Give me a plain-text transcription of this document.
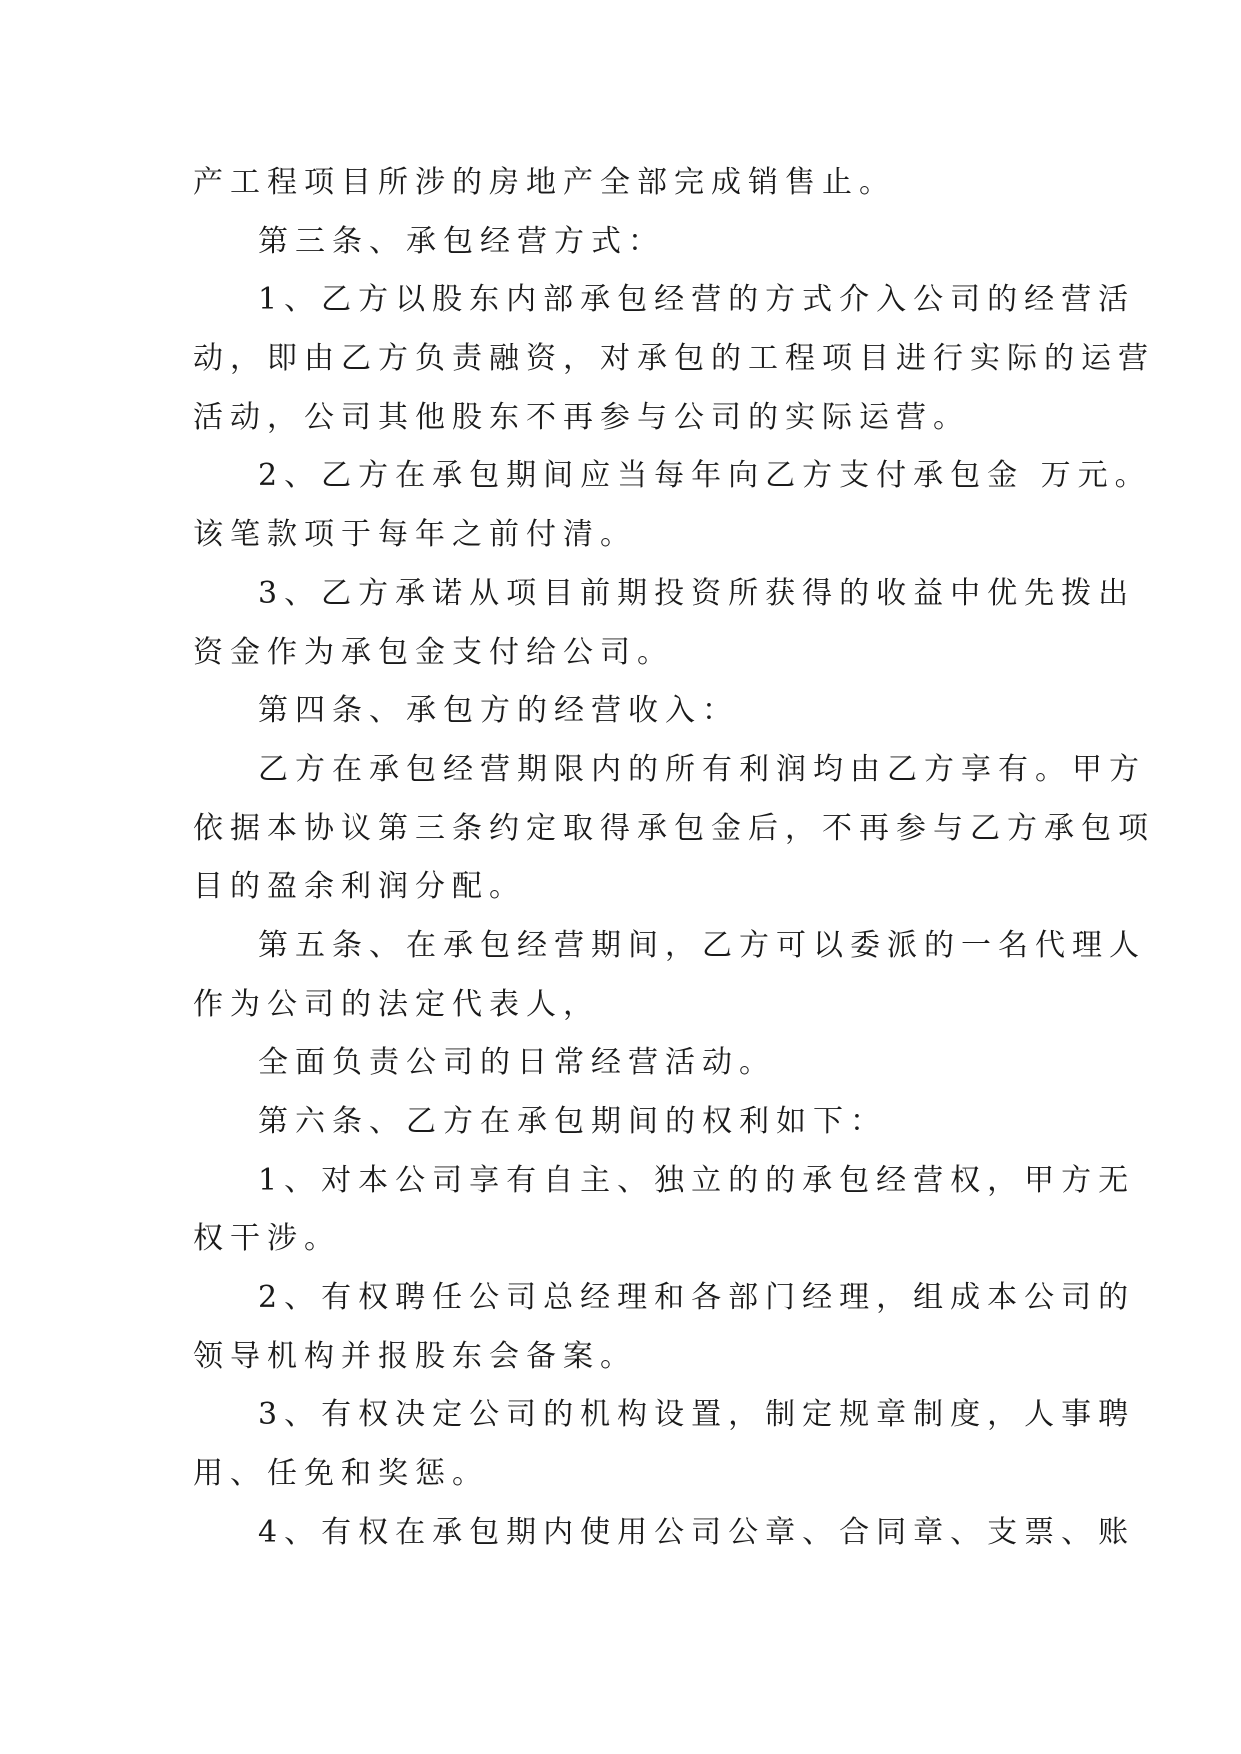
产工程项目所涉的房地产全部完成销售止。
第三条、承包经营方式：
1、乙方以股东内部承包经营的方式介入公司的经营活
动，即由乙方负责融资，对承包的工程项目进行实际的运营
活动，公司其他股东不再参与公司的实际运营。
2、乙方在承包期间应当每年向乙方支付承包金 万元。
该笔款项于每年之前付清。
3、乙方承诺从项目前期投资所获得的收益中优先拨出
资金作为承包金支付给公司。
第四条、承包方的经营收入：
乙方在承包经营期限内的所有利润均由乙方享有。甲方
依据本协议第三条约定取得承包金后，不再参与乙方承包项
目的盈余利润分配。
第五条、在承包经营期间，乙方可以委派的一名代理人
作为公司的法定代表人，
全面负责公司的日常经营活动。
第六条、乙方在承包期间的权利如下：
1、对本公司享有自主、独立的的承包经营权，甲方无
权干涉。
2、有权聘任公司总经理和各部门经理，组成本公司的
领导机构并报股东会备案。
3、有权决定公司的机构设置，制定规章制度，人事聘
用、任免和奖惩。
4、有权在承包期内使用公司公章、合同章、支票、账
